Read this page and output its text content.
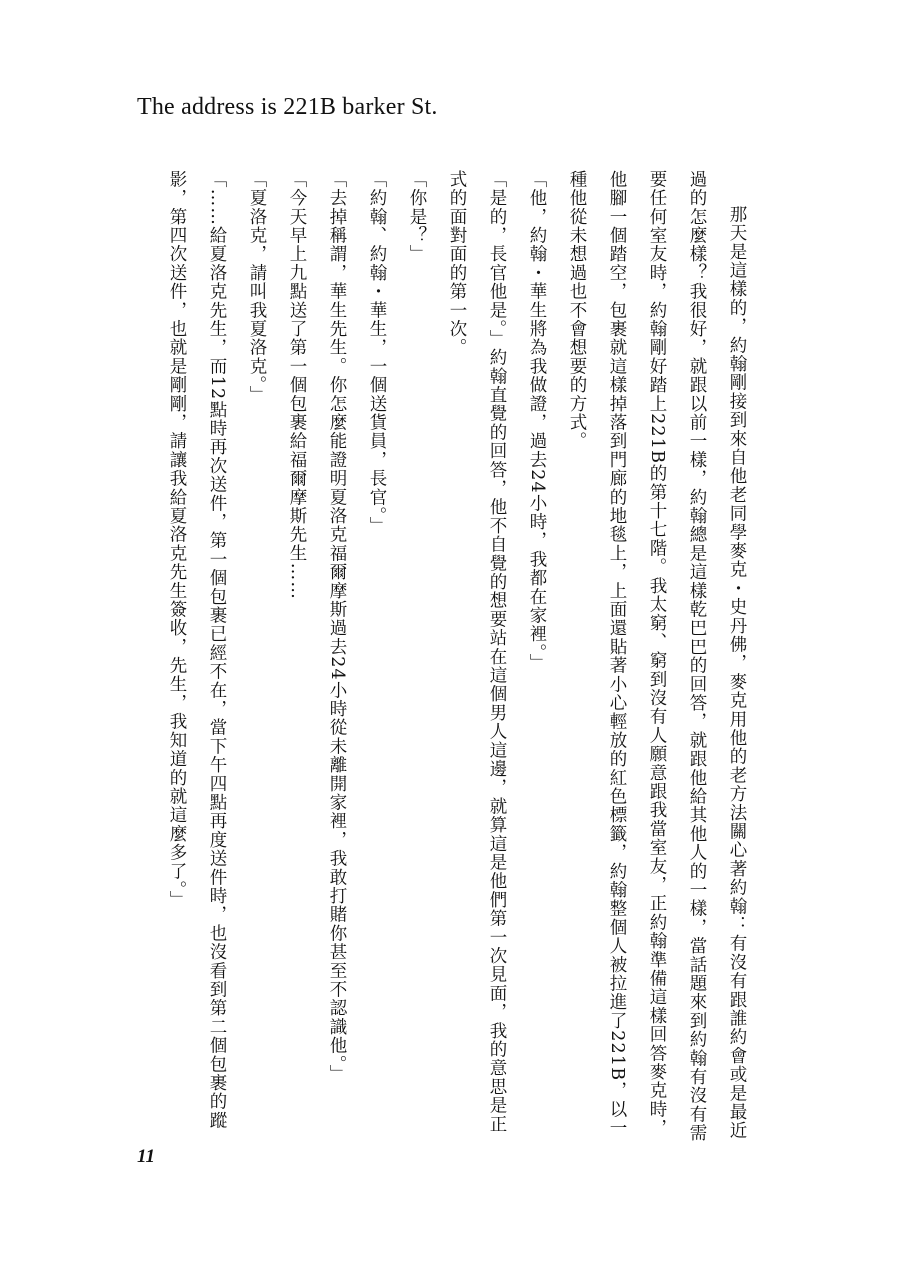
The address is 221B barker St.

那天是這樣的，約翰剛接到來自他老同學麥克・史丹佛，麥克用他的老方法關心著約翰：有沒有跟誰約會或是最近過的怎麼樣？我很好，就跟以前一樣，約翰總是這樣乾巴巴的回答，就跟他給其他人的一樣，當話題來到約翰有沒有需要任何室友時，約翰剛好踏上221B的第十七階。我太窮、窮到沒有人願意跟我當室友，正約翰準備這樣回答麥克時，他腳一個踏空，包裹就這樣掉落到門廊的地毯上，上面還貼著小心輕放的紅色標籤，約翰整個人被拉進了221B，以一種他從未想過也不會想要的方式。

「他，約翰・華生將為我做證，過去24小時，我都在家裡。」

「是的，長官他是。」約翰直覺的回答，他不自覺的想要站在這個男人這邊，就算這是他們第一次見面，我的意思是正式的面對面的第一次。

「你是？」

「約翰、約翰・華生，一個送貨員，長官。」

「去掉稱謂，華生先生。你怎麼能證明夏洛克福爾摩斯過去24小時從未離開家裡，我敢打賭你甚至不認識他。」

「今天早上九點送了第一個包裹給福爾摩斯先生……

「夏洛克，請叫我夏洛克。」

「……給夏洛克先生，而12點時再次送件，第一個包裹已經不在，當下午四點再度送件時，也沒看到第二個包裹的蹤影，第四次送件，也就是剛剛，請讓我給夏洛克先生簽收，先生，我知道的就這麼多了。」

11
